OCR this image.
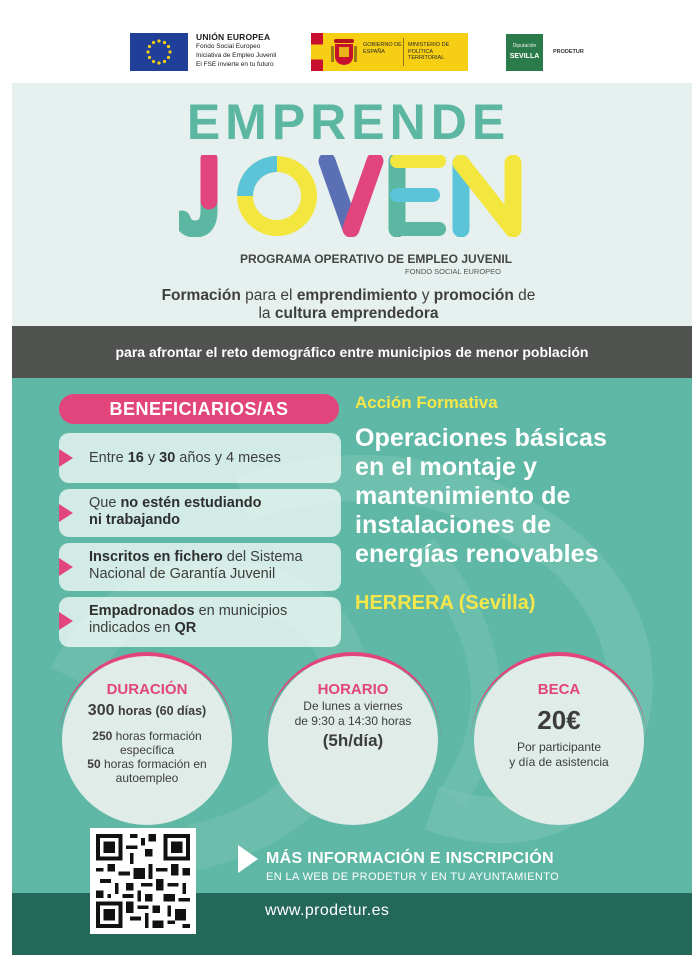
UNIÓN EUROPEA
Fondo Social Europeo
Iniciativa de Empleo Juvenil
El FSE invierte en tu futuro
GOBIERNO DE ESPAÑA
MINISTERIO DE POLÍTICA TERRITORIAL
Diputación
SEVILLA
PRODETUR
EMPRENDE
PROGRAMA OPERATIVO DE EMPLEO JUVENIL
FONDO SOCIAL EUROPEO
Formación para el emprendimiento y promoción de
la cultura emprendedora
para afrontar el reto demográfico entre municipios de menor población
BENEFICIARIOS/AS
Entre 16 y 30 años y 4 meses
Que no estén estudiando
ni trabajando
Inscritos en fichero del Sistema
Nacional de Garantía Juvenil
Empadronados en municipios
indicados en QR
Acción Formativa
Operaciones básicas
en el montaje y
mantenimiento de
instalaciones de
energías renovables
HERRERA (Sevilla)
DURACIÓN
300 horas (60 días)
250 horas formación
específica
50 horas formación en
autoempleo
HORARIO
De lunes a viernes
de 9:30 a 14:30 horas
(5h/día)
BECA
20€
Por participante
y día de asistencia
MÁS INFORMACIÓN E INSCRIPCIÓN
EN LA WEB DE PRODETUR Y EN TU AYUNTAMIENTO
www.prodetur.es
